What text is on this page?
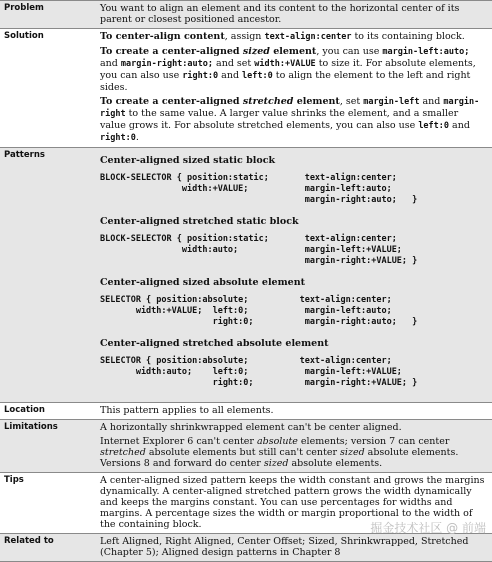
Problem	You want to align an element and its content to the horizontal center of its parent or closest positioned ancestor.

Solution	To center-align content, assign text-align:center to its containing block.

To create a center-aligned sized element, you can use margin-left:auto; and margin-right:auto; and set width:+VALUE to size it. For absolute elements, you can also use right:0 and left:0 to align the element to the left and right sides.

To create a center-aligned stretched element, set margin-left and margin-right to the same value. A larger value shrinks the element, and a smaller value grows it. For absolute stretched elements, you can also use left:0 and right:0.

Patterns	Center-aligned sized static block
BLOCK-SELECTOR { position:static;       text-align:center;
width:+VALUE;           margin-left:auto;
margin-right:auto;   }
Center-aligned stretched static block
BLOCK-SELECTOR { position:static;       text-align:center;
width:auto;             margin-left:+VALUE;
margin-right:+VALUE; }
Center-aligned sized absolute element
SELECTOR { position:absolute;          text-align:center;
width:+VALUE;  left:0;           margin-left:auto;
right:0;          margin-right:auto;   }
Center-aligned stretched absolute element
SELECTOR { position:absolute;          text-align:center;
width:auto;    left:0;           margin-left:+VALUE;
right:0;          margin-right:+VALUE; }
Location	This pattern applies to all elements.

Limitations	A horizontally shrinkwrapped element can't be center aligned.

Internet Explorer 6 can't center absolute elements; version 7 can center stretched absolute elements but still can't center sized absolute elements. Versions 8 and forward do center sized absolute elements.

Tips	A center-aligned sized pattern keeps the width constant and grows the margins dynamically. A center-aligned stretched pattern grows the width dynamically and keeps the margins constant. You can use percentages for widths and margins. A percentage sizes the width or margin proportional to the width of the containing block.

Related to	Left Aligned, Right Aligned, Center Offset; Sized, Shrinkwrapped, Stretched (Chapter 5); Aligned design patterns in Chapter 8

掘金技术社区 @ 前端
